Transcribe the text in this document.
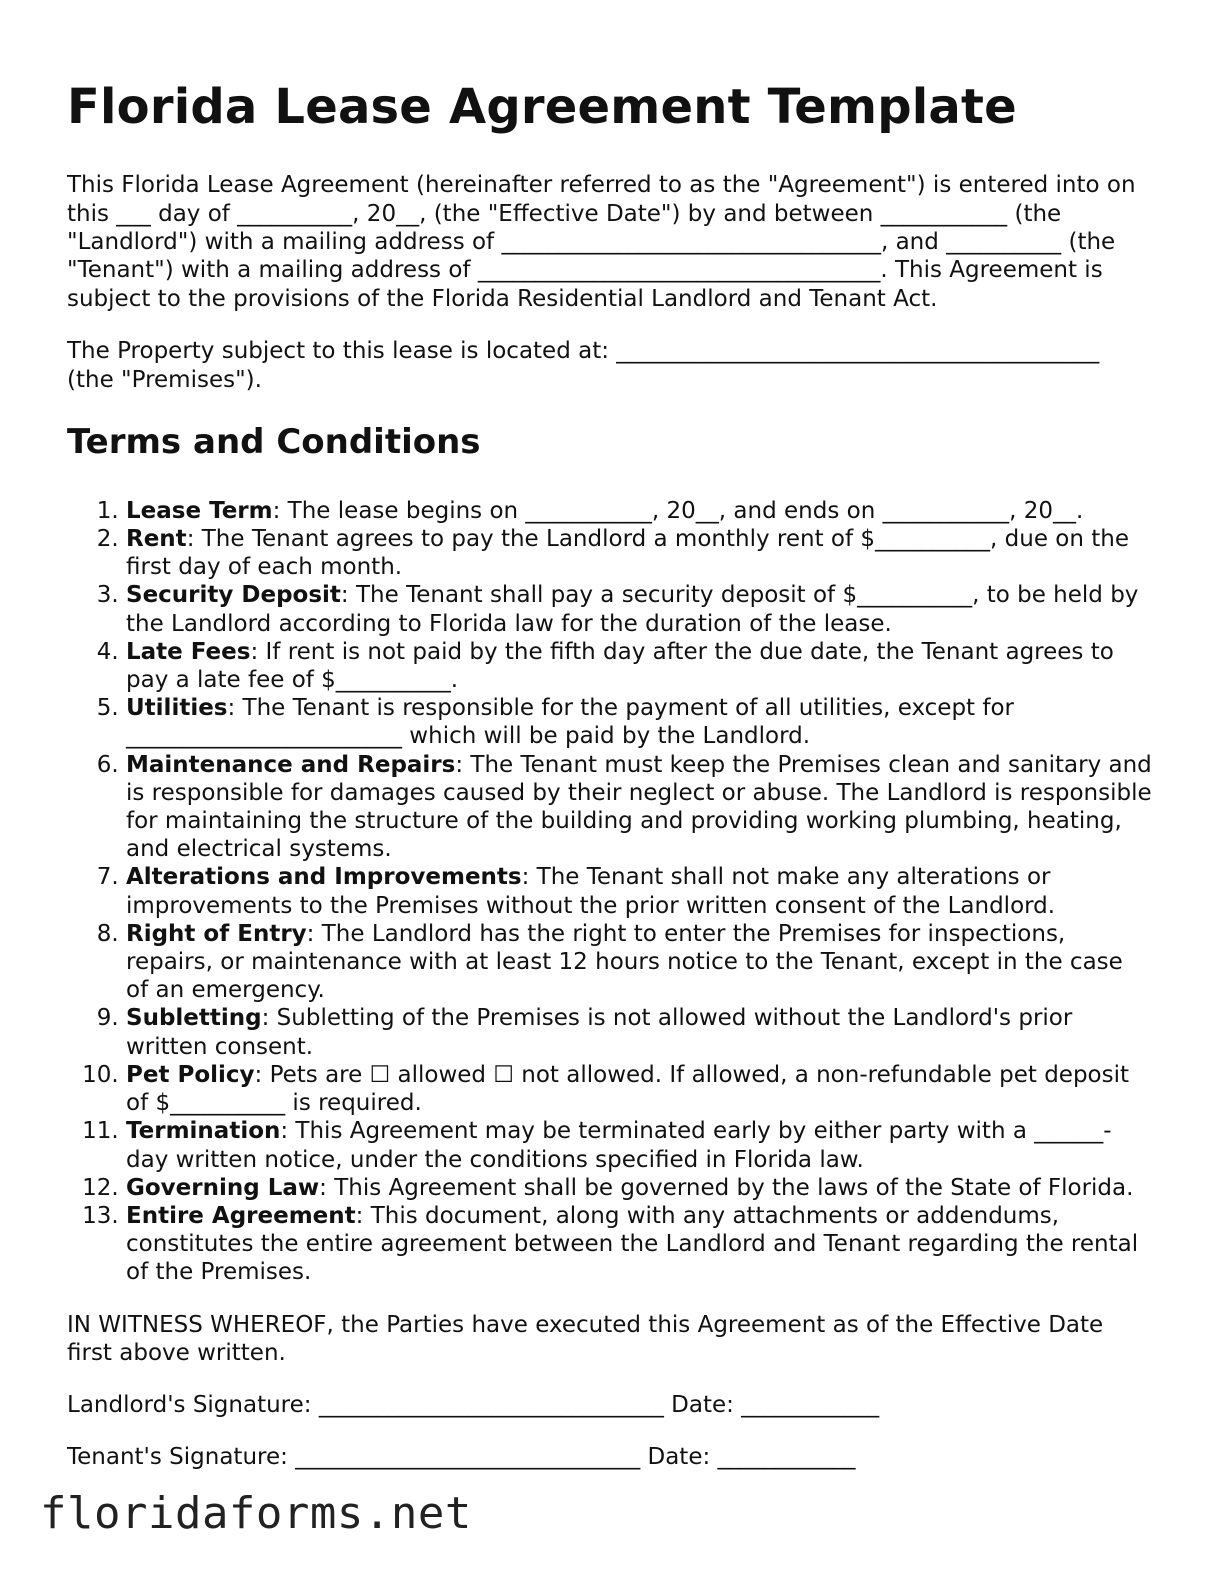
Florida Lease Agreement Template

This Florida Lease Agreement (hereinafter referred to as the "Agreement") is entered into on this ___ day of __________, 20__, (the "Effective Date") by and between ___________ (the "Landlord") with a mailing address of _________________________________, and __________ (the "Tenant") with a mailing address of ___________________________________. This Agreement is subject to the provisions of the Florida Residential Landlord and Tenant Act.

The Property subject to this lease is located at: __________________________________________ (the "Premises").

Terms and Conditions
1. Lease Term: The lease begins on ___________, 20__, and ends on ___________, 20__.
2. Rent: The Tenant agrees to pay the Landlord a monthly rent of $__________, due on the first day of each month.
3. Security Deposit: The Tenant shall pay a security deposit of $__________, to be held by the Landlord according to Florida law for the duration of the lease.
4. Late Fees: If rent is not paid by the fifth day after the due date, the Tenant agrees to pay a late fee of $__________.
5. Utilities: The Tenant is responsible for the payment of all utilities, except for ________________________ which will be paid by the Landlord.
6. Maintenance and Repairs: The Tenant must keep the Premises clean and sanitary and is responsible for damages caused by their neglect or abuse. The Landlord is responsible for maintaining the structure of the building and providing working plumbing, heating, and electrical systems.
7. Alterations and Improvements: The Tenant shall not make any alterations or improvements to the Premises without the prior written consent of the Landlord.
8. Right of Entry: The Landlord has the right to enter the Premises for inspections, repairs, or maintenance with at least 12 hours notice to the Tenant, except in the case of an emergency.
9. Subletting: Subletting of the Premises is not allowed without the Landlord's prior written consent.
10. Pet Policy: Pets are ☐ allowed ☐ not allowed. If allowed, a non-refundable pet deposit of $__________ is required.
11. Termination: This Agreement may be terminated early by either party with a ______-day written notice, under the conditions specified in Florida law.
12. Governing Law: This Agreement shall be governed by the laws of the State of Florida.
13. Entire Agreement: This document, along with any attachments or addendums, constitutes the entire agreement between the Landlord and Tenant regarding the rental of the Premises.

IN WITNESS WHEREOF, the Parties have executed this Agreement as of the Effective Date first above written.

Landlord's Signature: ______________________________ Date: ____________
Tenant's Signature: ______________________________ Date: ____________
floridaforms.net
